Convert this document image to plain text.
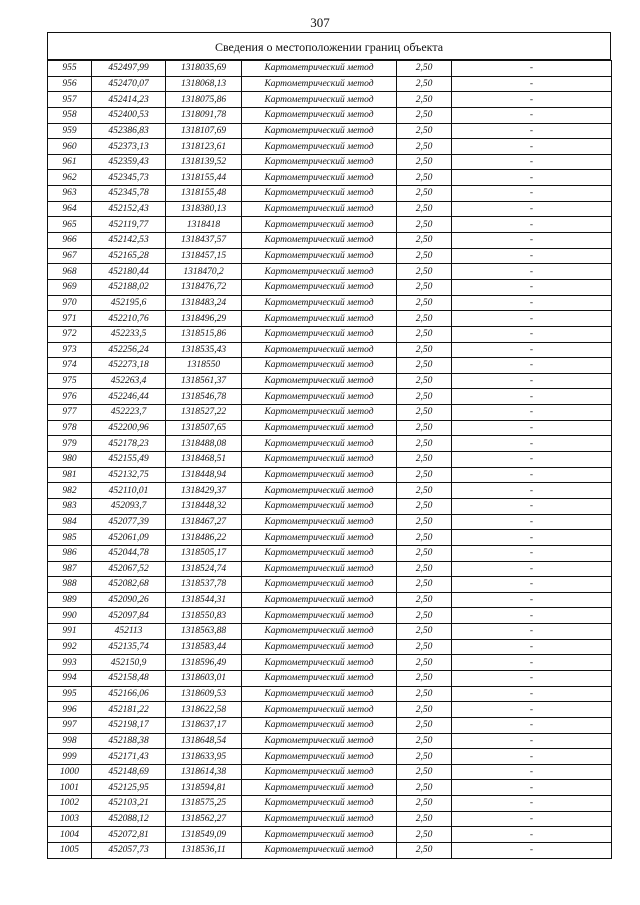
307
Сведения о местоположении границ объекта
955	452497,99	1318035,69	Картометрический метод	2,50	-
956	452470,07	1318068,13	Картометрический метод	2,50	-
957	452414,23	1318075,86	Картометрический метод	2,50	-
958	452400,53	1318091,78	Картометрический метод	2,50	-
959	452386,83	1318107,69	Картометрический метод	2,50	-
960	452373,13	1318123,61	Картометрический метод	2,50	-
961	452359,43	1318139,52	Картометрический метод	2,50	-
962	452345,73	1318155,44	Картометрический метод	2,50	-
963	452345,78	1318155,48	Картометрический метод	2,50	-
964	452152,43	1318380,13	Картометрический метод	2,50	-
965	452119,77	1318418	Картометрический метод	2,50	-
966	452142,53	1318437,57	Картометрический метод	2,50	-
967	452165,28	1318457,15	Картометрический метод	2,50	-
968	452180,44	1318470,2	Картометрический метод	2,50	-
969	452188,02	1318476,72	Картометрический метод	2,50	-
970	452195,6	1318483,24	Картометрический метод	2,50	-
971	452210,76	1318496,29	Картометрический метод	2,50	-
972	452233,5	1318515,86	Картометрический метод	2,50	-
973	452256,24	1318535,43	Картометрический метод	2,50	-
974	452273,18	1318550	Картометрический метод	2,50	-
975	452263,4	1318561,37	Картометрический метод	2,50	-
976	452246,44	1318546,78	Картометрический метод	2,50	-
977	452223,7	1318527,22	Картометрический метод	2,50	-
978	452200,96	1318507,65	Картометрический метод	2,50	-
979	452178,23	1318488,08	Картометрический метод	2,50	-
980	452155,49	1318468,51	Картометрический метод	2,50	-
981	452132,75	1318448,94	Картометрический метод	2,50	-
982	452110,01	1318429,37	Картометрический метод	2,50	-
983	452093,7	1318448,32	Картометрический метод	2,50	-
984	452077,39	1318467,27	Картометрический метод	2,50	-
985	452061,09	1318486,22	Картометрический метод	2,50	-
986	452044,78	1318505,17	Картометрический метод	2,50	-
987	452067,52	1318524,74	Картометрический метод	2,50	-
988	452082,68	1318537,78	Картометрический метод	2,50	-
989	452090,26	1318544,31	Картометрический метод	2,50	-
990	452097,84	1318550,83	Картометрический метод	2,50	-
991	452113	1318563,88	Картометрический метод	2,50	-
992	452135,74	1318583,44	Картометрический метод	2,50	-
993	452150,9	1318596,49	Картометрический метод	2,50	-
994	452158,48	1318603,01	Картометрический метод	2,50	-
995	452166,06	1318609,53	Картометрический метод	2,50	-
996	452181,22	1318622,58	Картометрический метод	2,50	-
997	452198,17	1318637,17	Картометрический метод	2,50	-
998	452188,38	1318648,54	Картометрический метод	2,50	-
999	452171,43	1318633,95	Картометрический метод	2,50	-
1000	452148,69	1318614,38	Картометрический метод	2,50	-
1001	452125,95	1318594,81	Картометрический метод	2,50	-
1002	452103,21	1318575,25	Картометрический метод	2,50	-
1003	452088,12	1318562,27	Картометрический метод	2,50	-
1004	452072,81	1318549,09	Картометрический метод	2,50	-
1005	452057,73	1318536,11	Картометрический метод	2,50	-
